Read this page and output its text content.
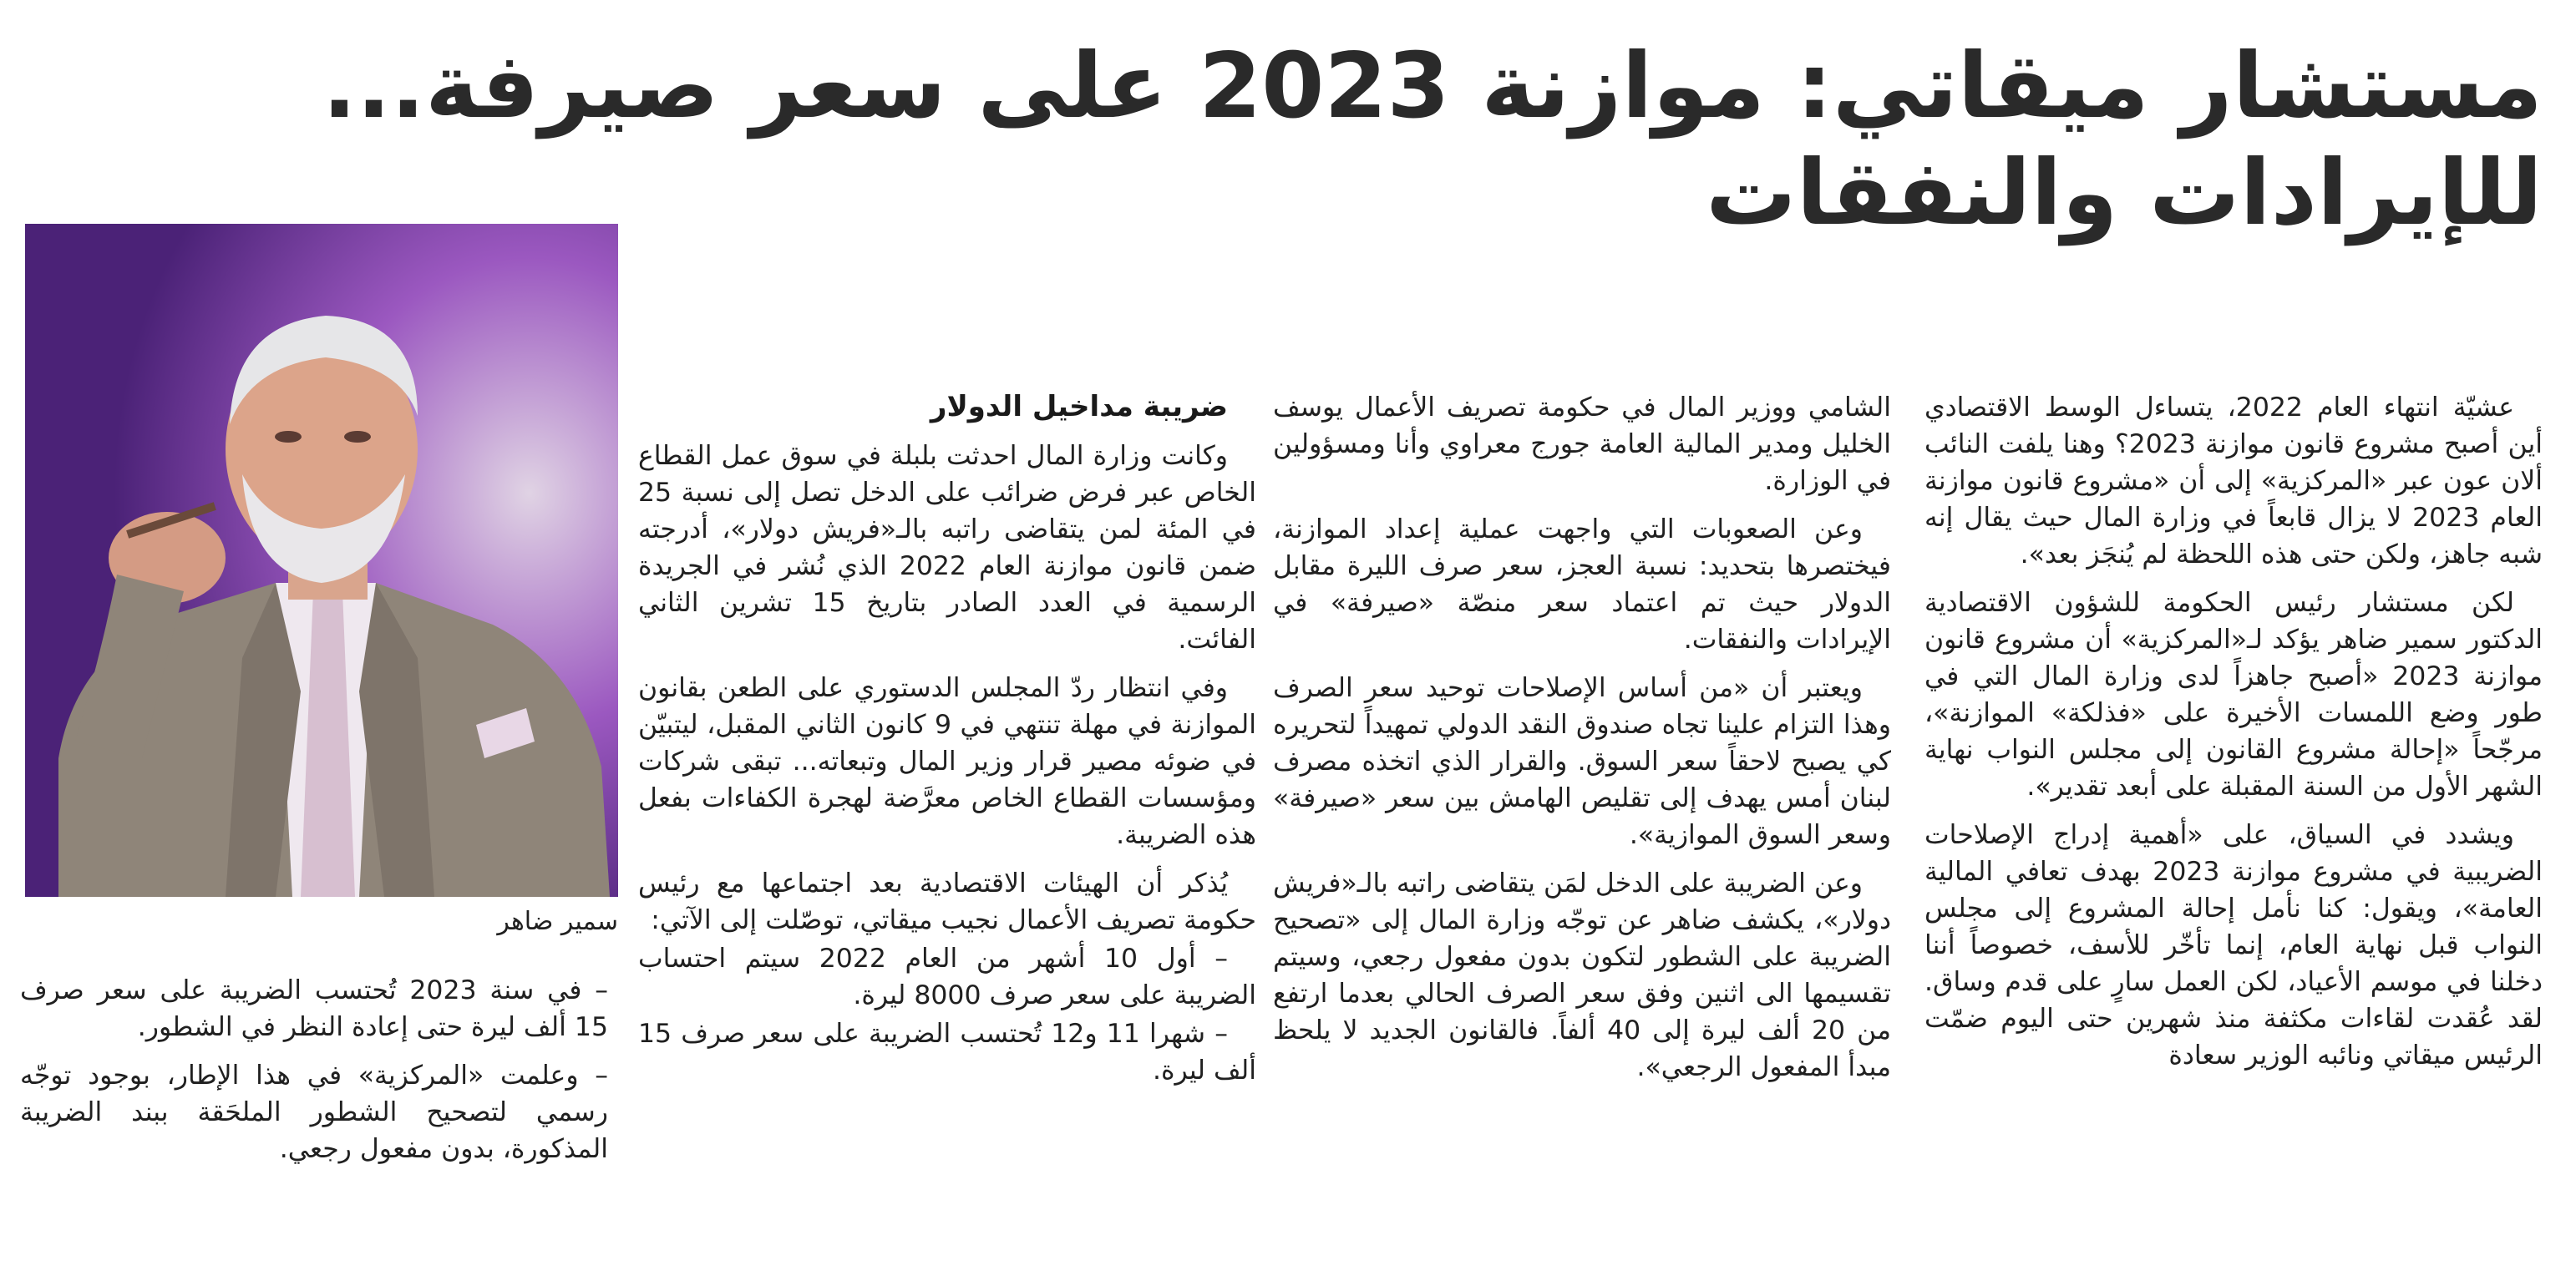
مستشار ميقاتي: موازنة 2023 على سعر صيرفة...
للإيرادات والنفقات

عشيّة انتهاء العام 2022، يتساءل الوسط الاقتصادي أين أصبح مشروع قانون موازنة 2023؟ وهنا يلفت النائب ألان عون عبر «المركزية» إلى أن «مشروع قانون موازنة العام 2023 لا يزال قابعاً في وزارة المال حيث يقال إنه شبه جاهز، ولكن حتى هذه اللحظة لم يُنجَز بعد».

لكن مستشار رئيس الحكومة للشؤون الاقتصادية الدكتور سمير ضاهر يؤكد لـ«المركزية» أن مشروع قانون موازنة 2023 «أصبح جاهزاً لدى وزارة المال التي في طور وضع اللمسات الأخيرة على «فذلكة» الموازنة»، مرجّحاً «إحالة مشروع القانون إلى مجلس النواب نهاية الشهر الأول من السنة المقبلة على أبعد تقدير».

ويشدد في السياق، على «أهمية إدراج الإصلاحات الضريبية في مشروع موازنة 2023 بهدف تعافي المالية العامة»، ويقول: كنا نأمل إحالة المشروع إلى مجلس النواب قبل نهاية العام، إنما تأخّر للأسف، خصوصاً أننا دخلنا في موسم الأعياد، لكن العمل سارٍ على قدم وساق. لقد عُقدت لقاءات مكثفة منذ شهرين حتى اليوم ضمّت الرئيس ميقاتي ونائبه الوزير سعادة

الشامي ووزير المال في حكومة تصريف الأعمال يوسف الخليل ومدير المالية العامة جورج معراوي وأنا ومسؤولين في الوزارة.

وعن الصعوبات التي واجهت عملية إعداد الموازنة، فيختصرها بتحديد: نسبة العجز، سعر صرف الليرة مقابل الدولار حيث تم اعتماد سعر منصّة «صيرفة» في الإيرادات والنفقات.

ويعتبر أن «من أساس الإصلاحات توحيد سعر الصرف وهذا التزام علينا تجاه صندوق النقد الدولي تمهيداً لتحريره كي يصبح لاحقاً سعر السوق. والقرار الذي اتخذه مصرف لبنان أمس يهدف إلى تقليص الهامش بين سعر «صيرفة» وسعر السوق الموازية».

وعن الضريبة على الدخل لمَن يتقاضى راتبه بالـ«فريش دولار»، يكشف ضاهر عن توجّه وزارة المال إلى «تصحيح الضريبة على الشطور لتكون بدون مفعول رجعي، وسيتم تقسيمها الى اثنين وفق سعر الصرف الحالي بعدما ارتفع من 20 ألف ليرة إلى 40 ألفاً. فالقانون الجديد لا يلحظ مبدأ المفعول الرجعي».

ضريبة مداخيل الدولار

وكانت وزارة المال احدثت بلبلة في سوق عمل القطاع الخاص عبر فرض ضرائب على الدخل تصل إلى نسبة 25 في المئة لمن يتقاضى راتبه بالـ«فريش دولار»، أدرجته ضمن قانون موازنة العام 2022 الذي نُشر في الجريدة الرسمية في العدد الصادر بتاريخ 15 تشرين الثاني الفائت.

وفي انتظار ردّ المجلس الدستوري على الطعن بقانون الموازنة في مهلة تنتهي في 9 كانون الثاني المقبل، ليتبيّن في ضوئه مصير قرار وزير المال وتبعاته... تبقى شركات ومؤسسات القطاع الخاص معرَّضة لهجرة الكفاءات بفعل هذه الضريبة.

يُذكر أن الهيئات الاقتصادية بعد اجتماعها مع رئيس حكومة تصريف الأعمال نجيب ميقاتي، توصّلت إلى الآتي:

– أول 10 أشهر من العام 2022 سيتم احتساب الضريبة على سعر صرف 8000 ليرة.

– شهرا 11 و12 تُحتسب الضريبة على سعر صرف 15 ألف ليرة.

سمير ضاهر

– في سنة 2023 تُحتسب الضريبة على سعر صرف 15 ألف ليرة حتى إعادة النظر في الشطور.

– وعلمت «المركزية» في هذا الإطار، بوجود توجّه رسمي لتصحيح الشطور الملحَقة ببند الضريبة المذكورة، بدون مفعول رجعي.
